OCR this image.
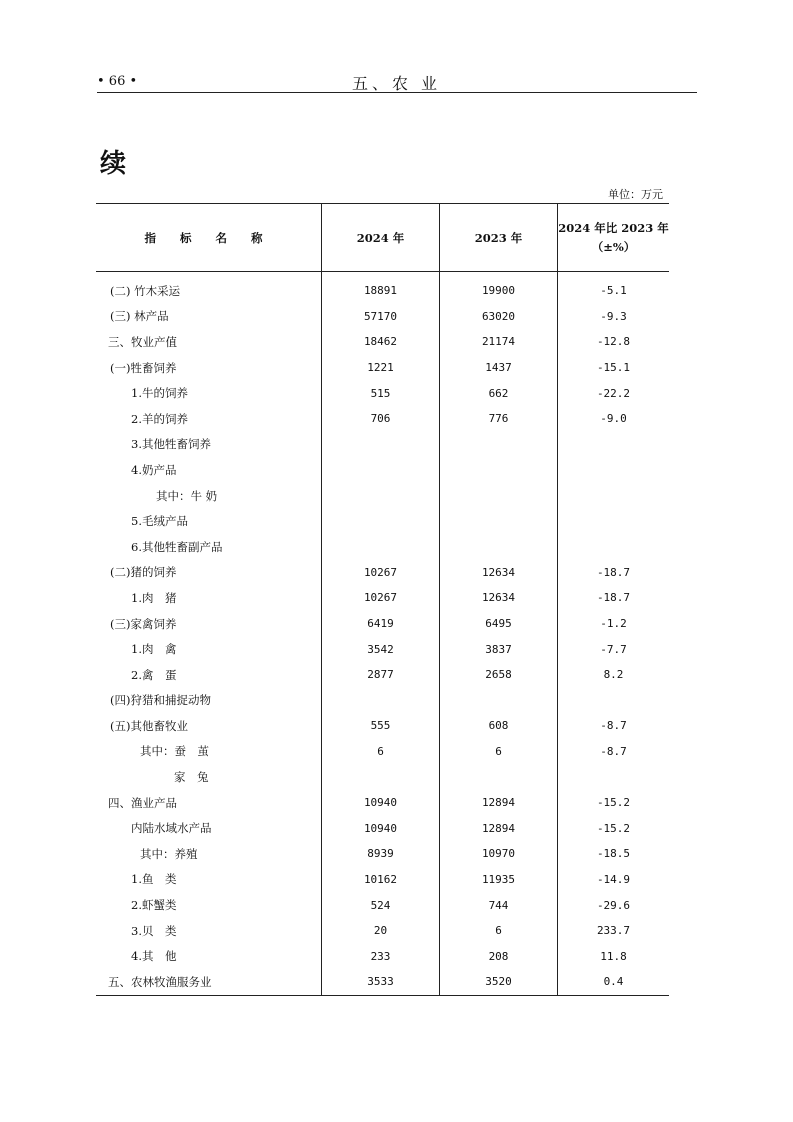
• 66 •	五、农 业
续
单位：万元
指 标 名 称	2024 年	2023 年	2024 年比 2023 年
（±%）

(二) 竹木采运	18891	19900	-5.1
(三) 林产品	57170	63020	-9.3
三、牧业产值	18462	21174	-12.8
(一)牲畜饲养	1221	1437	-15.1
1.牛的饲养	515	662	-22.2
2.羊的饲养	706	776	-9.0
3.其他牲畜饲养			
4.奶产品			
其中：牛 奶			
5.毛绒产品			
6.其他牲畜副产品			
(二)猪的饲养	10267	12634	-18.7
1.肉　猪	10267	12634	-18.7
(三)家禽饲养	6419	6495	-1.2
1.肉　禽	3542	3837	-7.7
2.禽　蛋	2877	2658	8.2
(四)狩猎和捕捉动物			
(五)其他畜牧业	555	608	-8.7
其中：蚕　茧	6	6	-8.7
家　兔			
四、渔业产品	10940	12894	-15.2
内陆水域水产品	10940	12894	-15.2
其中：养殖	8939	10970	-18.5
1.鱼　类	10162	11935	-14.9
2.虾蟹类	524	744	-29.6
3.贝　类	20	6	233.7
4.其　他	233	208	11.8
五、农林牧渔服务业	3533	3520	0.4
